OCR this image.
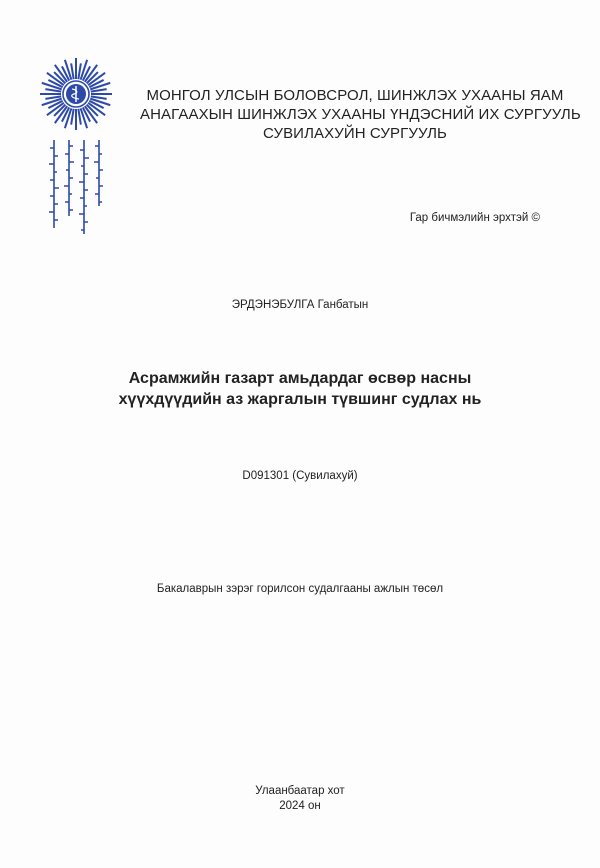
МОНГОЛ УЛСЫН БОЛОВСРОЛ, ШИНЖЛЭХ УХААНЫ ЯАМ
АНАГААХЫН ШИНЖЛЭХ УХААНЫ ҮНДЭСНИЙ ИХ СУРГУУЛЬ
СУВИЛАХУЙН СУРГУУЛЬ
Гар бичмэлийн эрхтэй ©
ЭРДЭНЭБУЛГА Ганбатын
Асрамжийн газарт амьдардаг өсвөр насны
хүүхдүүдийн аз жаргалын түвшинг судлах нь
D091301 (Сувилахуй)
Бакалаврын зэрэг горилсон судалгааны ажлын төсөл
Улаанбаатар хот
2024 он
